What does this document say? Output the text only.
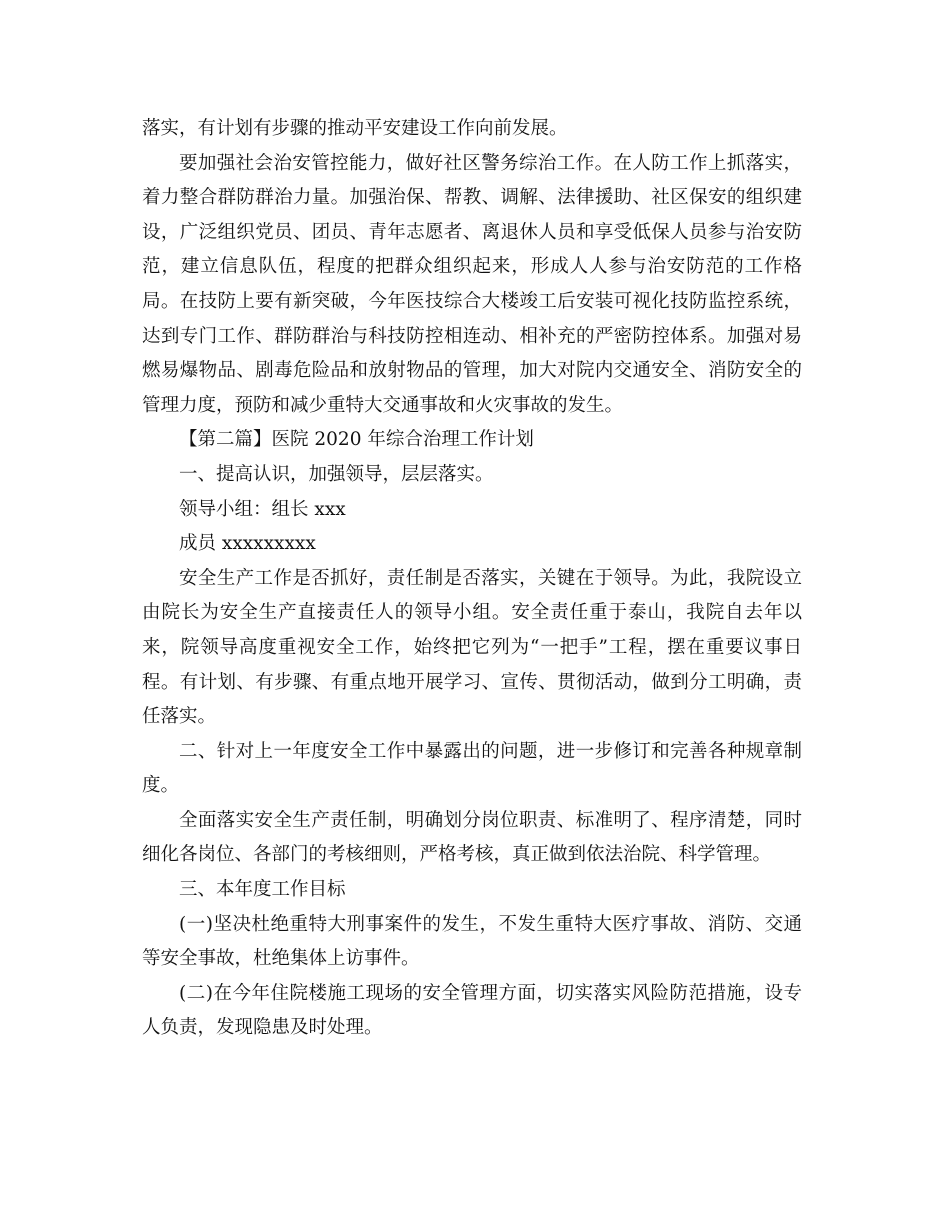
落实，有计划有步骤的推动平安建设工作向前发展。

要加强社会治安管控能力，做好社区警务综治工作。在人防工作上抓落实，着力整合群防群治力量。加强治保、帮教、调解、法律援助、社区保安的组织建设，广泛组织党员、团员、青年志愿者、离退休人员和享受低保人员参与治安防范，建立信息队伍，程度的把群众组织起来，形成人人参与治安防范的工作格局。在技防上要有新突破，今年医技综合大楼竣工后安装可视化技防监控系统，达到专门工作、群防群治与科技防控相连动、相补充的严密防控体系。加强对易燃易爆物品、剧毒危险品和放射物品的管理，加大对院内交通安全、消防安全的管理力度，预防和减少重特大交通事故和火灾事故的发生。

【第二篇】医院 2020 年综合治理工作计划

一、提高认识，加强领导，层层落实。

领导小组：组长 xxx

成员 xxxxxxxxx

安全生产工作是否抓好，责任制是否落实，关键在于领导。为此，我院设立由院长为安全生产直接责任人的领导小组。安全责任重于泰山，我院自去年以来，院领导高度重视安全工作，始终把它列为“一把手”工程，摆在重要议事日程。有计划、有步骤、有重点地开展学习、宣传、贯彻活动，做到分工明确，责任落实。

二、针对上一年度安全工作中暴露出的问题，进一步修订和完善各种规章制度。

全面落实安全生产责任制，明确划分岗位职责、标准明了、程序清楚，同时细化各岗位、各部门的考核细则，严格考核，真正做到依法治院、科学管理。

三、本年度工作目标

(一)坚决杜绝重特大刑事案件的发生，不发生重特大医疗事故、消防、交通等安全事故，杜绝集体上访事件。

(二)在今年住院楼施工现场的安全管理方面，切实落实风险防范措施，设专人负责，发现隐患及时处理。
